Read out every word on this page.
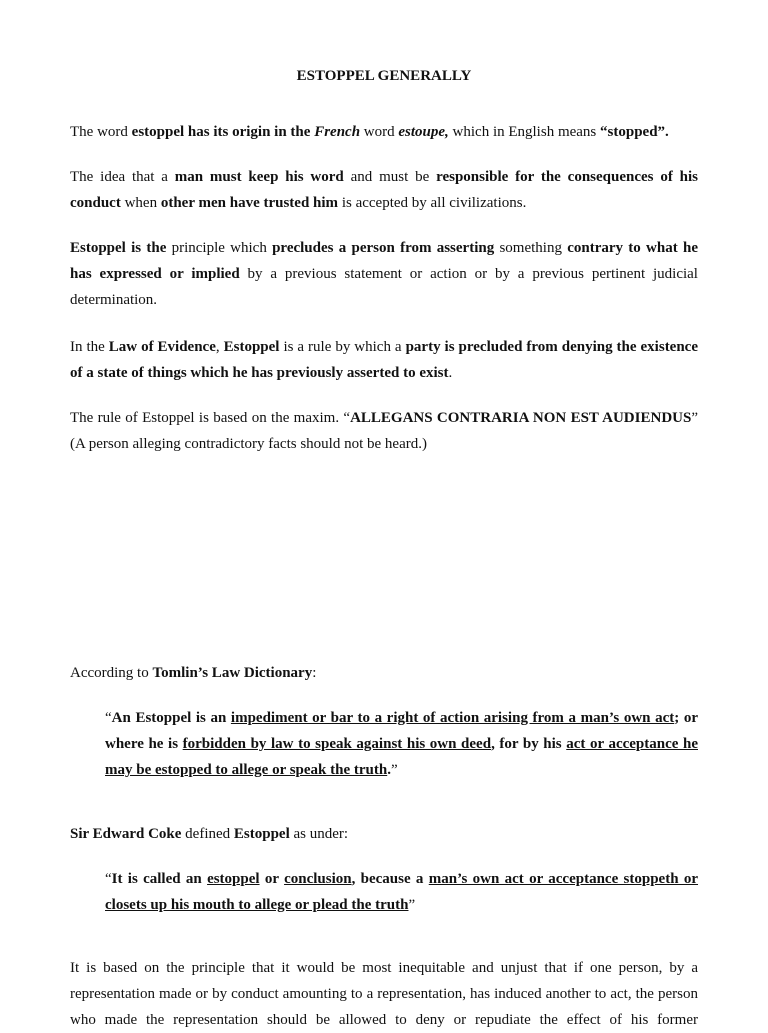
ESTOPPEL GENERALLY

The word estoppel has its origin in the French word estoupe, which in English means “stopped”.

The idea that a man must keep his word and must be responsible for the consequences of his conduct when other men have trusted him is accepted by all civilizations.

Estoppel is the principle which precludes a person from asserting something contrary to what he has expressed or implied by a previous statement or action or by a previous pertinent judicial determination.

In the Law of Evidence, Estoppel is a rule by which a party is precluded from denying the existence of a state of things which he has previously asserted to exist.

The rule of Estoppel is based on the maxim. “ALLEGANS CONTRARIA NON EST AUDIENDUS” (A person alleging contradictory facts should not be heard.)

According to Tomlin’s Law Dictionary:

“An Estoppel is an impediment or bar to a right of action arising from a man’s own act; or where he is forbidden by law to speak against his own deed, for by his act or acceptance he may be estopped to allege or speak the truth.”

Sir Edward Coke defined Estoppel as under:

“It is called an estoppel or conclusion, because a man’s own act or acceptance stoppeth or closets up his mouth to allege or plead the truth”

It is based on the principle that it would be most inequitable and unjust that if one person, by a representation made or by conduct amounting to a representation, has induced another to act, the person who made the representation should be allowed to deny or repudiate the effect of his former
